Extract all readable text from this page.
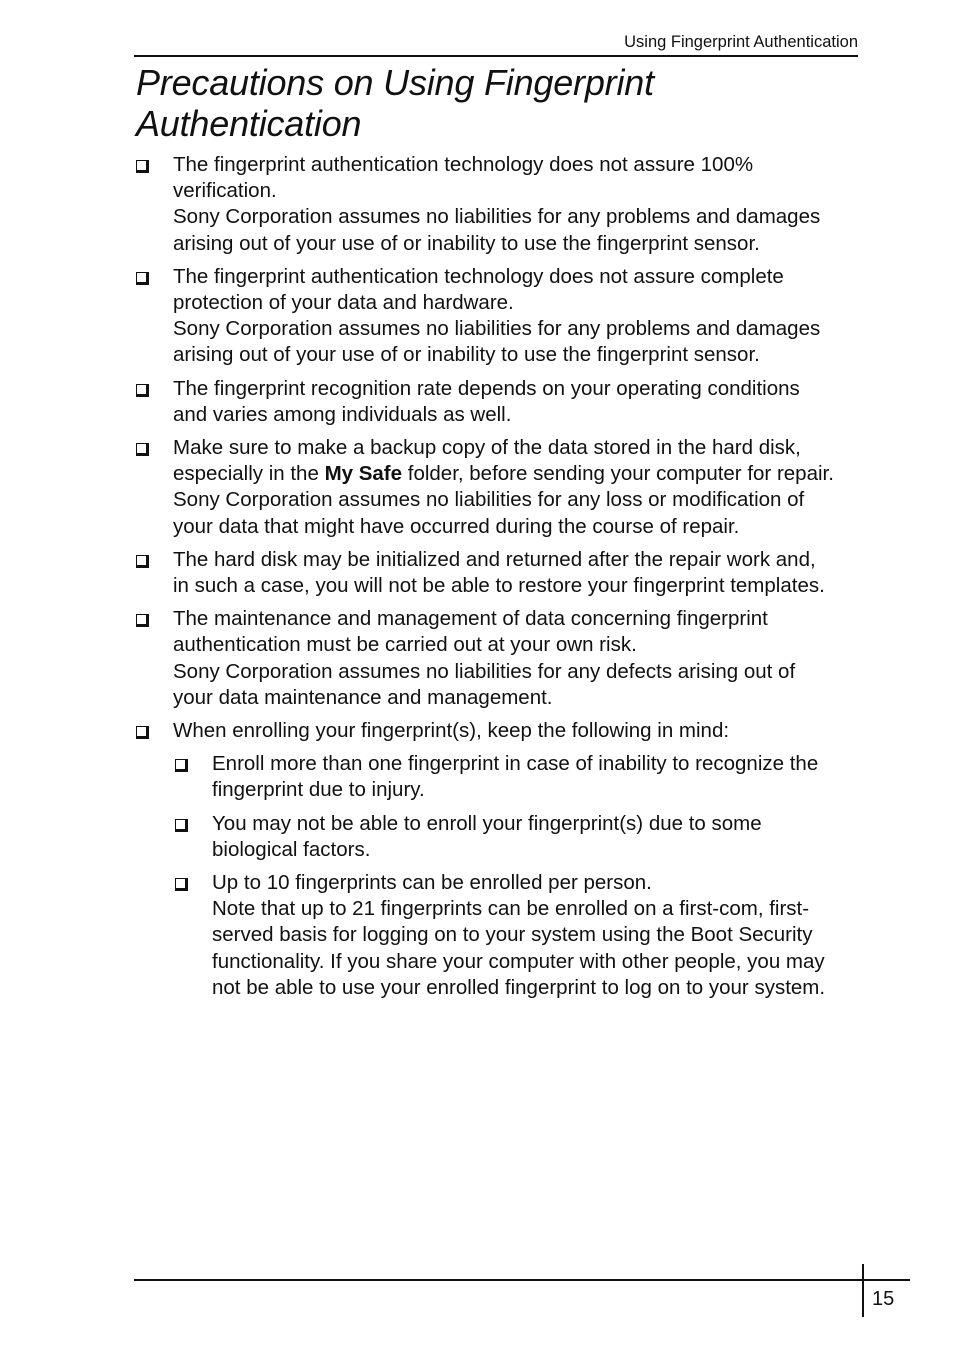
Using Fingerprint Authentication
Precautions on Using Fingerprint
Authentication
The fingerprint authentication technology does not assure 100%
verification.
Sony Corporation assumes no liabilities for any problems and damages
arising out of your use of or inability to use the fingerprint sensor.
The fingerprint authentication technology does not assure complete
protection of your data and hardware.
Sony Corporation assumes no liabilities for any problems and damages
arising out of your use of or inability to use the fingerprint sensor.
The fingerprint recognition rate depends on your operating conditions
and varies among individuals as well.
Make sure to make a backup copy of the data stored in the hard disk,
especially in the My Safe folder, before sending your computer for repair.
Sony Corporation assumes no liabilities for any loss or modification of
your data that might have occurred during the course of repair.
The hard disk may be initialized and returned after the repair work and,
in such a case, you will not be able to restore your fingerprint templates.
The maintenance and management of data concerning fingerprint
authentication must be carried out at your own risk.
Sony Corporation assumes no liabilities for any defects arising out of
your data maintenance and management.
When enrolling your fingerprint(s), keep the following in mind:
Enroll more than one fingerprint in case of inability to recognize the
fingerprint due to injury.
You may not be able to enroll your fingerprint(s) due to some
biological factors.
Up to 10 fingerprints can be enrolled per person.
Note that up to 21 fingerprints can be enrolled on a first-com, first-
served basis for logging on to your system using the Boot Security
functionality. If you share your computer with other people, you may
not be able to use your enrolled fingerprint to log on to your system.
15
